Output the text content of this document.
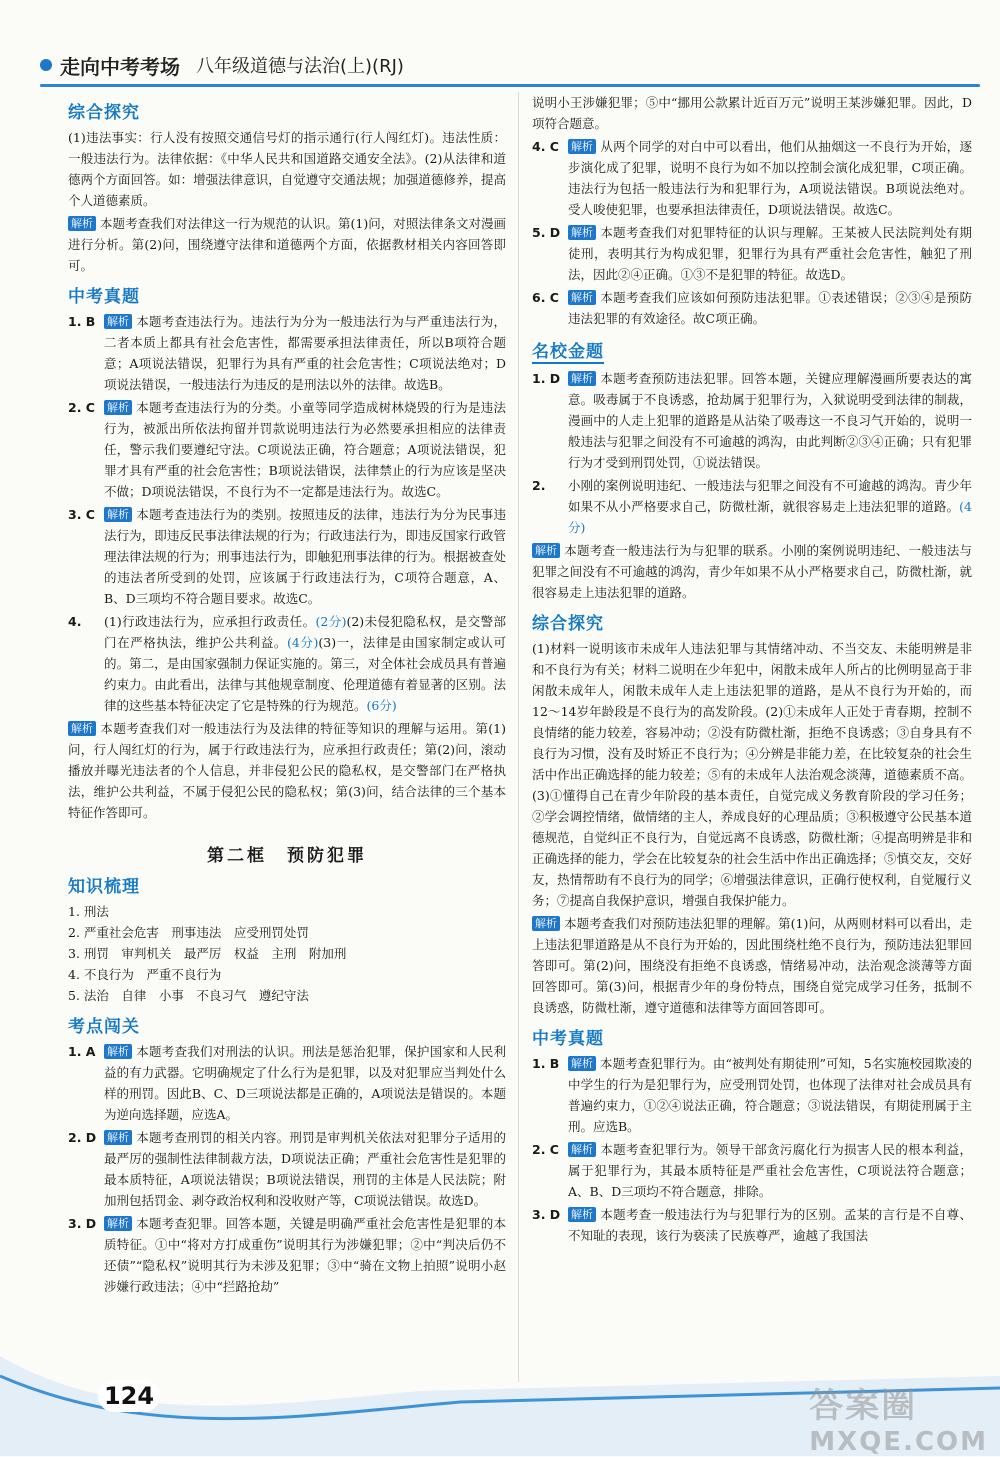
走向中考考场 八年级道德与法治(上)(RJ)
综合探究

(1)违法事实：行人没有按照交通信号灯的指示通行(行人闯红灯)。违法性质：一般违法行为。法律依据：《中华人民共和国道路交通安全法》。(2)从法律和道德两个方面回答。如：增强法律意识，自觉遵守交通法规；加强道德修养，提高个人道德素质。

解析 本题考查我们对法律这一行为规范的认识。第(1)问，对照法律条文对漫画进行分析。第(2)问，围绕遵守法律和道德两个方面，依据教材相关内容回答即可。

中考真题
1. B	解析 本题考查违法行为。违法行为分为一般违法行为与严重违法行为，二者本质上都具有社会危害性，都需要承担法律责任，所以B项符合题意；A项说法错误，犯罪行为具有严重的社会危害性；C项说法绝对；D项说法错误，一般违法行为违反的是刑法以外的法律。故选B。
2. C	解析 本题考查违法行为的分类。小童等同学造成树林烧毁的行为是违法行为，被派出所依法拘留并罚款说明违法行为必然要承担相应的法律责任，警示我们要遵纪守法。C项说法正确，符合题意；A项说法错误，犯罪才具有严重的社会危害性；B项说法错误，法律禁止的行为应该是坚决不做；D项说法错误，不良行为不一定都是违法行为。故选C。
3. C	解析 本题考查违法行为的类别。按照违反的法律，违法行为分为民事违法行为，即违反民事法律法规的行为；行政违法行为，即违反国家行政管理法律法规的行为；刑事违法行为，即触犯刑事法律的行为。根据被查处的违法者所受到的处罚，应该属于行政违法行为，C项符合题意，A、B、D三项均不符合题目要求。故选C。
4.	(1)行政违法行为，应承担行政责任。(2分)(2)未侵犯隐私权，是交警部门在严格执法，维护公共利益。(4分)(3)一，法律是由国家制定或认可的。第二，是由国家强制力保证实施的。第三，对全体社会成员具有普遍约束力。由此看出，法律与其他规章制度、伦理道德有着显著的区别。法律的这些基本特征决定了它是特殊的行为规范。(6分)

解析 本题考查我们对一般违法行为及法律的特征等知识的理解与运用。第(1)问，行人闯红灯的行为，属于行政违法行为，应承担行政责任；第(2)问，滚动播放并曝光违法者的个人信息，并非侵犯公民的隐私权，是交警部门在严格执法，维护公共利益，不属于侵犯公民的隐私权；第(3)问，结合法律的三个基本特征作答即可。

第二框　预防犯罪
知识梳理
1. 刑法
2. 严重社会危害　刑事违法　应受刑罚处罚
3. 刑罚　审判机关　最严厉　权益　主刑　附加刑
4. 不良行为　严重不良行为
5. 法治　自律　小事　不良习气　遵纪守法
考点闯关
1. A	解析 本题考查我们对刑法的认识。刑法是惩治犯罪，保护国家和人民利益的有力武器。它明确规定了什么行为是犯罪，以及对犯罪应当判处什么样的刑罚。因此B、C、D三项说法都是正确的，A项说法是错误的。本题为逆向选择题，应选A。
2. D 解析 本题考查刑罚的相关内容。刑罚是审判机关依法对犯罪分子适用的最严厉的强制性法律制裁方法，D项说法正确；严重社会危害性是犯罪的最本质特征，A项说法错误；B项说法错误，刑罚的主体是人民法院；附加刑包括罚金、剥夺政治权利和没收财产等，C项说法错误。故选D。
3. D 解析 本题考查犯罪。回答本题，关键是明确严重社会危害性是犯罪的本质特征。①中“将对方打成重伤”说明其行为涉嫌犯罪；②中“判决后仍不还债”“隐私权”说明其行为未涉及犯罪；③中“骑在文物上拍照”说明小赵涉嫌行政违法；④中“拦路抢劫”

说明小王涉嫌犯罪；⑤中“挪用公款累计近百万元”说明王某涉嫌犯罪。因此，D项符合题意。

4. C	解析 从两个同学的对白中可以看出，他们从抽烟这一不良行为开始，逐步演化成了犯罪，说明不良行为如不加以控制会演化成犯罪，C项正确。违法行为包括一般违法行为和犯罪行为，A项说法错误。B项说法绝对。受人唆使犯罪，也要承担法律责任，D项说法错误。故选C。
5. D 解析 本题考查我们对犯罪特征的认识与理解。王某被人民法院判处有期徒刑，表明其行为构成犯罪，犯罪行为具有严重社会危害性，触犯了刑法，因此②④正确。①③不是犯罪的特征。故选D。
6. C	解析 本题考查我们应该如何预防违法犯罪。①表述错误；②③④是预防违法犯罪的有效途径。故C项正确。
名校金题
1. D 解析 本题考查预防违法犯罪。回答本题，关键应理解漫画所要表达的寓意。吸毒属于不良诱惑，抢劫属于犯罪行为，入狱说明受到法律的制裁，漫画中的人走上犯罪的道路是从沾染了吸毒这一不良习气开始的，说明一般违法与犯罪之间没有不可逾越的鸿沟，由此判断②③④正确；只有犯罪行为才受到刑罚处罚，①说法错误。
2.	小刚的案例说明违纪、一般违法与犯罪之间没有不可逾越的鸿沟。青少年如果不从小严格要求自己，防微杜渐，就很容易走上违法犯罪的道路。(4分)

解析 本题考查一般违法行为与犯罪的联系。小刚的案例说明违纪、一般违法与犯罪之间没有不可逾越的鸿沟，青少年如果不从小严格要求自己，防微杜渐，就很容易走上违法犯罪的道路。

综合探究

(1)材料一说明该市未成年人违法犯罪与其情绪冲动、不当交友、未能明辨是非和不良行为有关；材料二说明在少年犯中，闲散未成年人所占的比例明显高于非闲散未成年人，闲散未成年人走上违法犯罪的道路，是从不良行为开始的，而12～14岁年龄段是不良行为的高发阶段。(2)①未成年人正处于青春期，控制不良情绪的能力较差，容易冲动；②没有防微杜渐，拒绝不良诱惑；③自身具有不良行为习惯，没有及时矫正不良行为；④分辨是非能力差，在比较复杂的社会生活中作出正确选择的能力较差；⑤有的未成年人法治观念淡薄，道德素质不高。(3)①懂得自己在青少年阶段的基本责任，自觉完成义务教育阶段的学习任务；②学会调控情绪，做情绪的主人，养成良好的心理品质；③积极遵守公民基本道德规范，自觉纠正不良行为，自觉远离不良诱惑，防微杜渐；④提高明辨是非和正确选择的能力，学会在比较复杂的社会生活中作出正确选择；⑤慎交友，交好友，热情帮助有不良行为的同学；⑥增强法律意识，正确行使权利，自觉履行义务；⑦提高自我保护意识，增强自我保护能力。

解析 本题考查我们对预防违法犯罪的理解。第(1)问，从两则材料可以看出，走上违法犯罪道路是从不良行为开始的，因此围绕杜绝不良行为，预防违法犯罪回答即可。第(2)问，围绕没有拒绝不良诱惑，情绪易冲动，法治观念淡薄等方面回答即可。第(3)问，根据青少年的身份特点，围绕自觉完成学习任务，抵制不良诱惑，防微杜渐，遵守道德和法律等方面回答即可。

中考真题
1. B	解析 本题考查犯罪行为。由“被判处有期徒刑”可知，5名实施校园欺凌的中学生的行为是犯罪行为，应受刑罚处罚，也体现了法律对社会成员具有普遍约束力，①②④说法正确，符合题意；③说法错误，有期徒刑属于主刑。应选B。
2. C	解析 本题考查犯罪行为。领导干部贪污腐化行为损害人民的根本利益，属于犯罪行为，其最本质特征是严重社会危害性，C项说法符合题意；A、B、D三项均不符合题意，排除。
3. D 解析 本题考查一般违法行为与犯罪行为的区别。孟某的言行是不自尊、不知耻的表现，该行为亵渎了民族尊严，逾越了我国法
124	答案圈
MXQE.COM
